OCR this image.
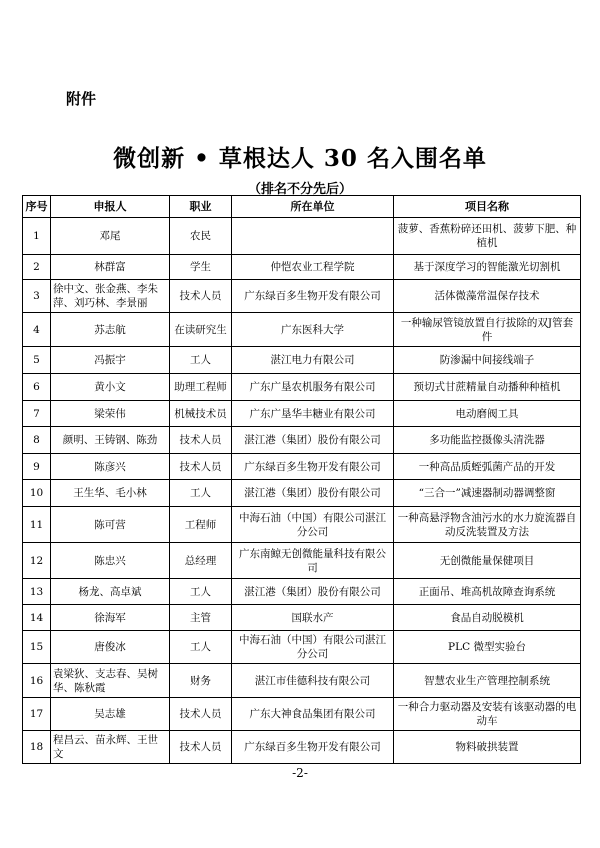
附件
微创新 • 草根达人 30 名入围名单
（排名不分先后）
序号	申报人	职业	所在单位	项目名称
1	邓尾	农民		菠萝、香蕉粉碎还田机、菠萝下肥、种植机
2	林群富	学生	仲恺农业工程学院	基于深度学习的智能激光切割机
3	徐中文、张金燕、李朱萍、刘巧林、李景丽	技术人员	广东绿百多生物开发有限公司	活体微藻常温保存技术
4	苏志航	在读研究生	广东医科大学	一种输尿管镜放置自行拔除的双J管套件
5	冯振宇	工人	湛江电力有限公司	防渗漏中间接线端子
6	黄小文	助理工程师	广东广垦农机服务有限公司	预切式甘蔗精量自动播种种植机
7	梁荣伟	机械技术员	广东广垦华丰糖业有限公司	电动磨阀工具
8	颜明、王铸钢、陈劲	技术人员	湛江港（集团）股份有限公司	多功能监控摄像头清洗器
9	陈彦兴	技术人员	广东绿百多生物开发有限公司	一种高品质蛭弧菌产品的开发
10	王生华、毛小林	工人	湛江港（集团）股份有限公司	“三合一”减速器制动器调整窗
11	陈可营	工程师	中海石油（中国）有限公司湛江分公司	一种高悬浮物含油污水的水力旋流器自动反洗装置及方法
12	陈忠兴	总经理	广东南鲸无创微能量科技有限公司	无创微能量保健项目
13	杨龙、高卓斌	工人	湛江港（集团）股份有限公司	正面吊、堆高机故障查询系统
14	徐海军	主管	国联水产	食品自动脱模机
15	唐俊冰	工人	中海石油（中国）有限公司湛江分公司	PLC 微型实验台
16	袁梁狄、支志春、吴树华、陈秋霞	财务	湛江市佳德科技有限公司	智慧农业生产管理控制系统
17	吴志雄	技术人员	广东大神食品集团有限公司	一种合力驱动器及安装有该驱动器的电动车
18	程昌云、苗永辉、王世文	技术人员	广东绿百多生物开发有限公司	物料破拱装置
-2-
